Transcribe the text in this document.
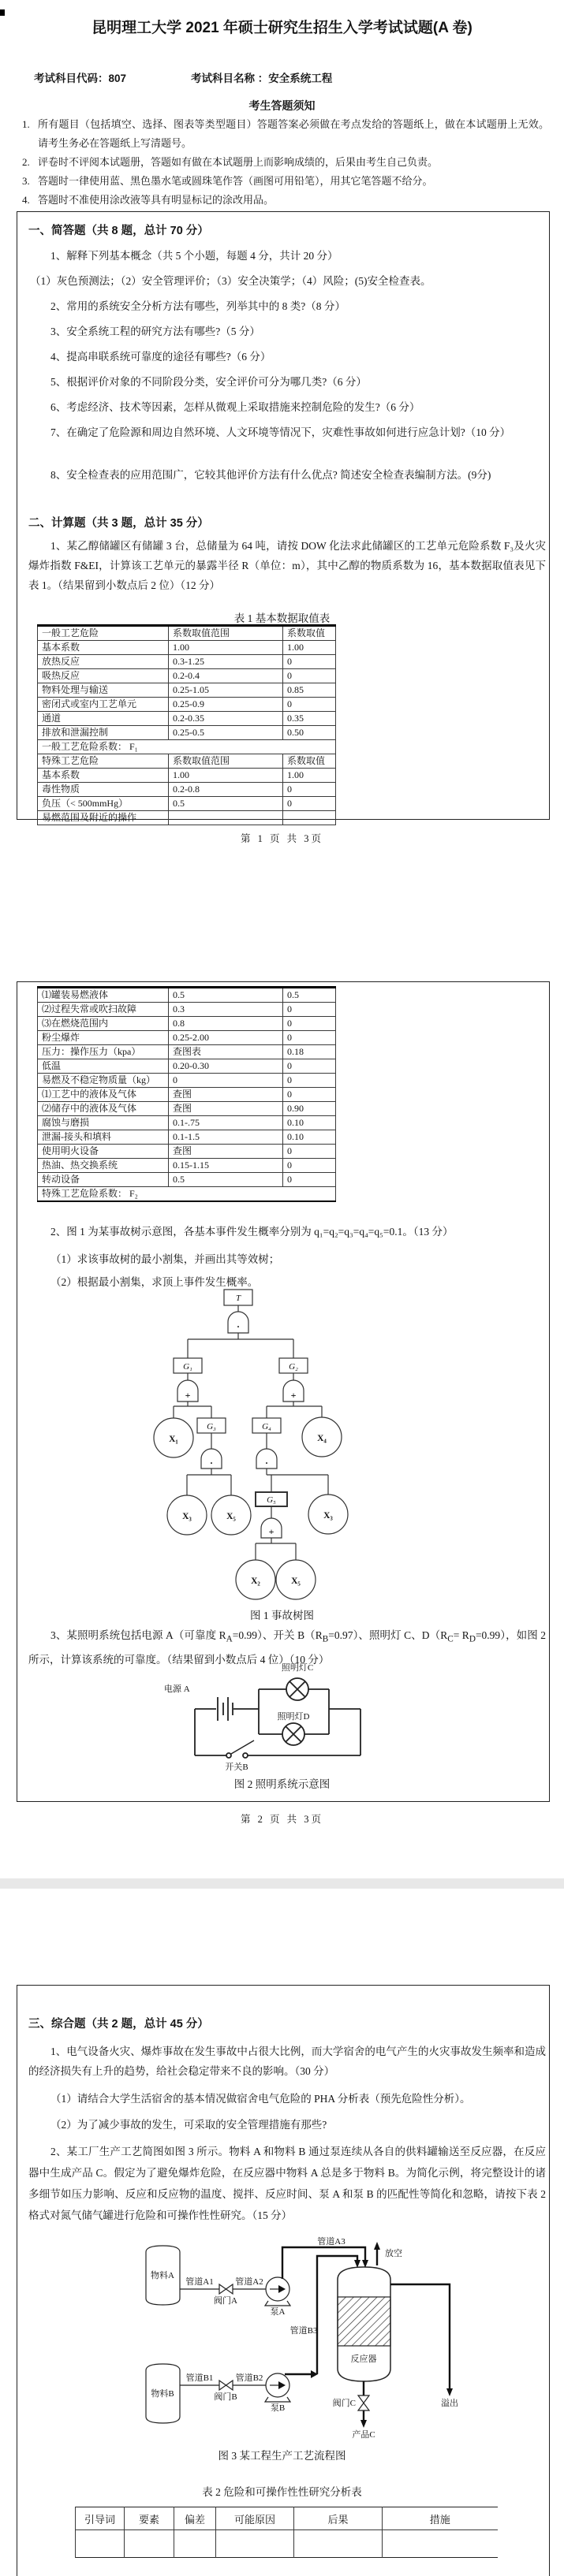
昆明理工大学 2021 年硕士研究生招生入学考试试题(A 卷)
考试科目代码：807	考试科目名称 ：安全系统工程
考生答题须知
1. 所有题目（包括填空、选择、图表等类型题目）答题答案必须做在考点发给的答题纸上，做在本试题册上无效。请考生务必在答题纸上写清题号。
2. 评卷时不评阅本试题册，答题如有做在本试题册上而影响成绩的，后果由考生自己负责。
3. 答题时一律使用蓝、黑色墨水笔或圆珠笔作答（画图可用铅笔），用其它笔答题不给分。
4. 答题时不准使用涂改液等具有明显标记的涂改用品。
一、简答题（共 8 题，总计 70 分）
1、解释下列基本概念（共 5 个小题，每题 4 分，共计 20 分）
（1）灰色预测法；（2）安全管理评价；（3）安全决策学；（4）风险；(5)安全检查表。
2、常用的系统安全分析方法有哪些，列举其中的 8 类?（8 分）
3、安全系统工程的研究方法有哪些?（5 分）
4、提高串联系统可靠度的途径有哪些?（6 分）
5、根据评价对象的不同阶段分类，安全评价可分为哪几类?（6 分）
6、考虑经济、技术等因素，怎样从微观上采取措施来控制危险的发生?（6 分）
7、在确定了危险源和周边自然环境、人文环境等情况下，灾难性事故如何进行应急计划?（10 分）
8、安全检查表的应用范围广，它较其他评价方法有什么优点? 简述安全检查表编制方法。(9分)
二、计算题（共 3 题，总计 35 分）
1、某乙醇储罐区有储罐 3 台，总储量为 64 吨，请按 DOW 化法求此储罐区的工艺单元危险系数 F₃及火灾爆炸指数 F&EI，计算该工艺单元的暴露半径 R（单位：m），其中乙醇的物质系数为 16，基本数据取值表见下表 1。（结果留到小数点后 2 位）（12 分）
表 1 基本数据取值表
一般工艺危险	系数取值范围	系数取值
基本系数	1.00	1.00
放热反应	0.3-1.25	0
吸热反应	0.2-0.4	0
物料处理与输送	0.25-1.05	0.85
密闭式或室内工艺单元	0.25-0.9	0
通道	0.2-0.35	0.35
排放和泄漏控制	0.25-0.5	0.50
一般工艺危险系数： F₁		
特殊工艺危险	系数取值范围	系数取值
基本系数	1.00	1.00
毒性物质	0.2-0.8	0
负压（< 500mmHg）	0.5	0
易燃范围及附近的操作		
第 1 页 共 3页
⑴罐装易燃液体	0.5	0.5
⑵过程失常或吹扫故障	0.3	0
⑶在燃烧范围内	0.8	0
粉尘爆炸	0.25-2.00	0
压力：操作压力（kpa）	查图表	0.18
低温	0.20-0.30	0
易燃及不稳定物质量（kg）	0	0
⑴工艺中的液体及气体	查图	0
⑵储存中的液体及气体	查图	0.90
腐蚀与磨损	0.1-.75	0.10
泄漏-接头和填料	0.1-1.5	0.10
使用明火设备	查图	0
热油、热交换系统	0.15-1.15	0
转动设备	0.5	0
特殊工艺危险系数： F₂		
2、图 1 为某事故树示意图，各基本事件发生概率分别为 q₁=q₂=q₃=q₄=q₅=0.1。（13 分）
（1）求该事故树的最小割集，并画出其等效树；
（2）根据最小割集，求顶上事件发生概率。
T
·
G₁	G₂
+	+
G₃	G₄
·	·
X₁	X₄
X₃	X₅
G₅
X₃
+
X₂	X₅
图 1 事故树图
3、某照明系统包括电源 A（可靠度 $R_A=0.99$）、开关 $B(R_B=0.97)$、照明灯 C、$D(R_C= R_D=0.99)$，如图 2 所示，计算该系统的可靠度。（结果留到小数点后 4 位）（10 分）
电源 A
照明灯C
照明灯D
开关B
图 2 照明系统示意图
第 2 页 共 3页
三、综合题（共 2 题，总计 45 分）
1、电气设备火灾、爆炸事故在发生事故中占很大比例，而大学宿舍的电气产生的火灾事故发生频率和造成的经济损失有上升的趋势，给社会稳定带来不良的影响。（30 分）
（1）请结合大学生活宿舍的基本情况做宿舍电气危险的 PHA 分析表（预先危险性分析）。
（2）为了减少事故的发生，可采取的安全管理措施有那些?
2、某工厂生产工艺简图如图 3 所示。物料 A 和物料 B 通过泵连续从各自的供料罐输送至反应器，在反应器中生成产品 C。假定为了避免爆炸危险，在反应器中物料 A 总是多于物料 B。为简化示例，将完整设计的诸多细节如压力影响、反应和反应物的温度、搅拌、反应时间、泵 A 和泵 B 的匹配性等简化和忽略，请按下表 2 格式对氮气储气罐进行危险和可操作性性研究。（15 分）
物料A
管道A1
阀门A
管道A2
泵A
管道A3
管道B3
放空
反应器
溢出
阀门C
产品C
物料B
管道B1
阀门B
管道B2
泵B
图 3 某工程生产工艺流程图
表 2 危险和可操作性性研究分析表
引导词	要素	偏差	可能原因	后果	措施
